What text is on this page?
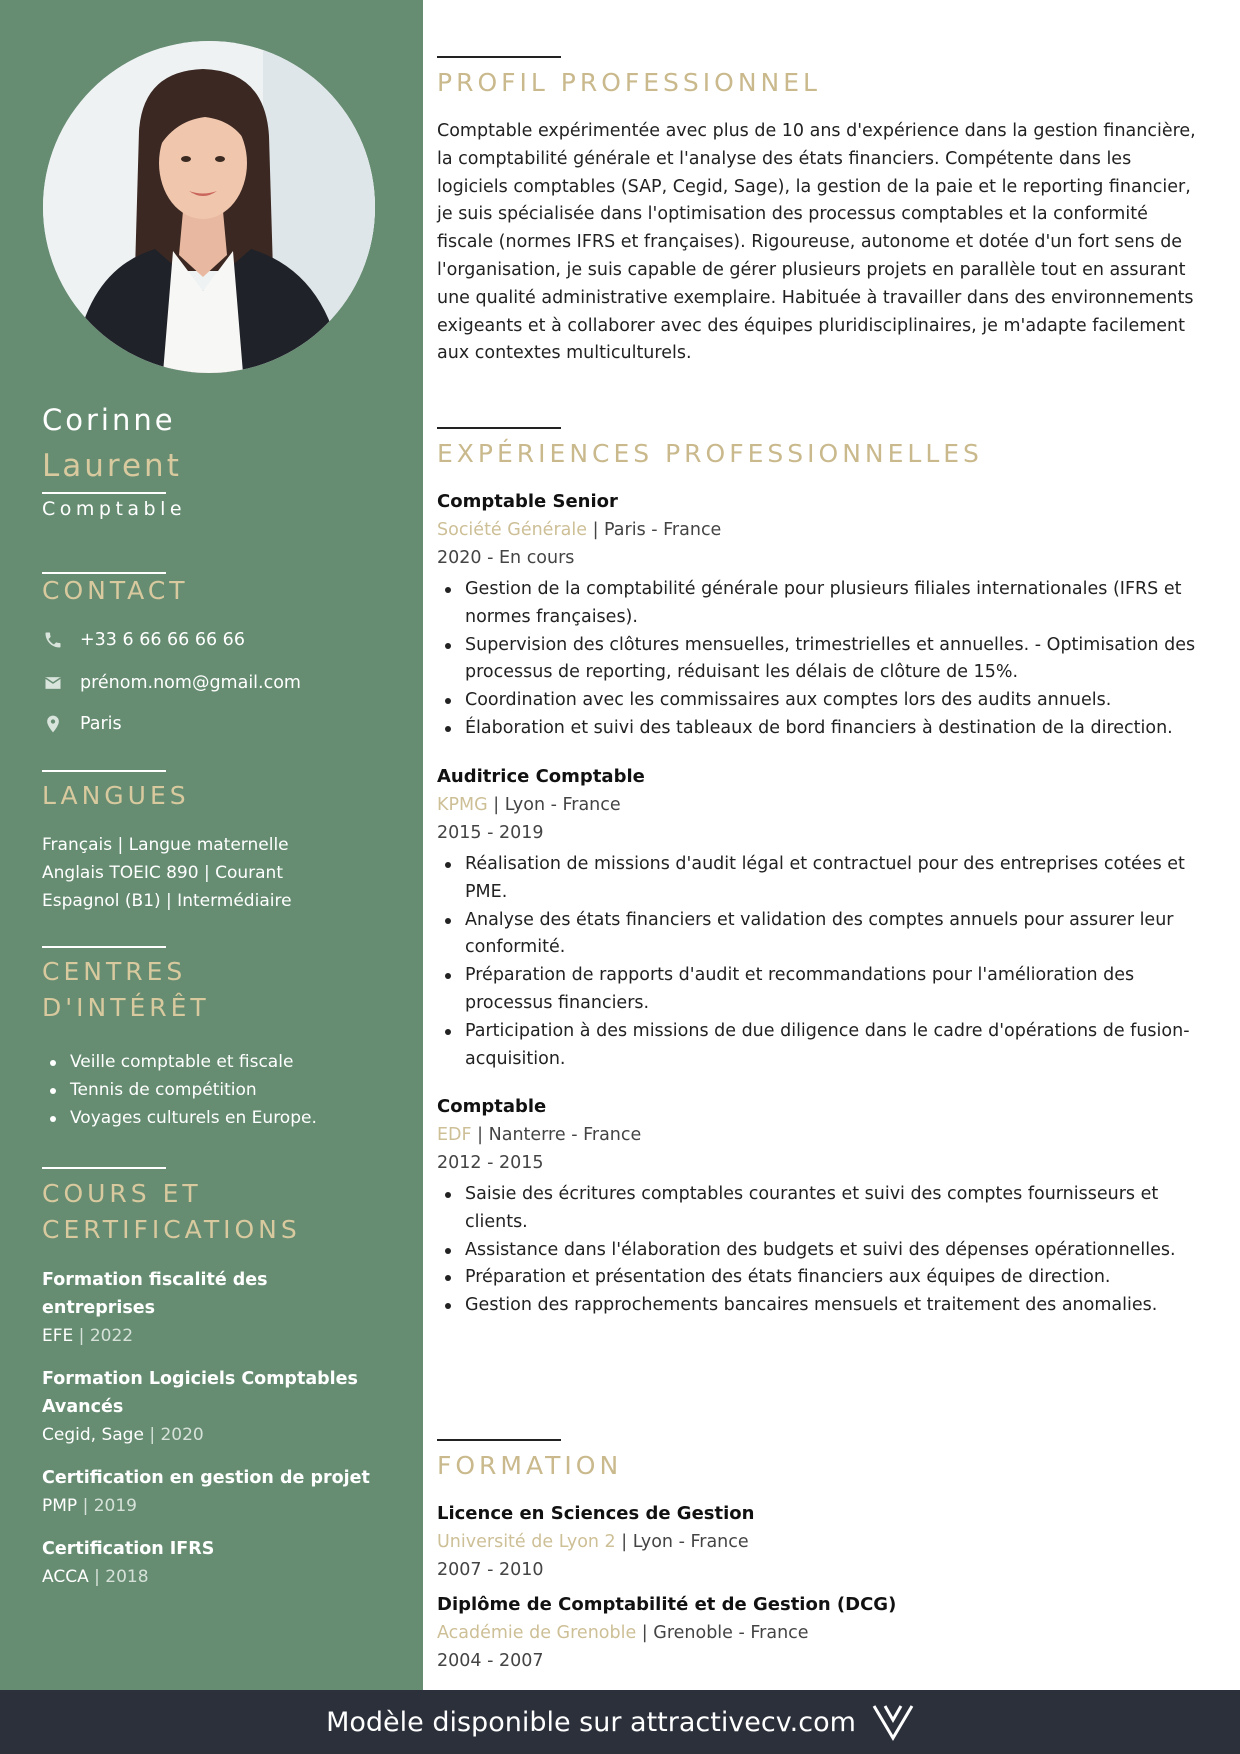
Corinne
Laurent
Comptable
CONTACT
+33 6 66 66 66 66
prénom.nom@gmail.com
Paris
LANGUES
Français | Langue maternelle
Anglais TOEIC 890 | Courant
Espagnol (B1) | Intermédiaire
CENTRES
D'INTÉRÊT
Veille comptable et fiscale
Tennis de compétition
Voyages culturels en Europe.
COURS ET
CERTIFICATIONS
Formation fiscalité des
entreprises
EFE | 2022
Formation Logiciels Comptables
Avancés
Cegid, Sage | 2020
Certification en gestion de projet
PMP | 2019
Certification IFRS
ACCA | 2018
PROFIL PROFESSIONNEL
Comptable expérimentée avec plus de 10 ans d'expérience dans la gestion financière, la comptabilité générale et l'analyse des états financiers. Compétente dans les logiciels comptables (SAP, Cegid, Sage), la gestion de la paie et le reporting financier, je suis spécialisée dans l'optimisation des processus comptables et la conformité fiscale (normes IFRS et françaises). Rigoureuse, autonome et dotée d'un fort sens de l'organisation, je suis capable de gérer plusieurs projets en parallèle tout en assurant une qualité administrative exemplaire. Habituée à travailler dans des environnements exigeants et à collaborer avec des équipes pluridisciplinaires, je m'adapte facilement aux contextes multiculturels.
EXPÉRIENCES PROFESSIONNELLES
Comptable Senior
Société Générale | Paris - France
2020 - En cours
Gestion de la comptabilité générale pour plusieurs filiales internationales (IFRS et normes françaises).
Supervision des clôtures mensuelles, trimestrielles et annuelles. - Optimisation des processus de reporting, réduisant les délais de clôture de 15%.
Coordination avec les commissaires aux comptes lors des audits annuels.
Élaboration et suivi des tableaux de bord financiers à destination de la direction.
Auditrice Comptable
KPMG | Lyon - France
2015 - 2019
Réalisation de missions d'audit légal et contractuel pour des entreprises cotées et PME.
Analyse des états financiers et validation des comptes annuels pour assurer leur conformité.
Préparation de rapports d'audit et recommandations pour l'amélioration des processus financiers.
Participation à des missions de due diligence dans le cadre d'opérations de fusion-acquisition.
Comptable
EDF | Nanterre - France
2012 - 2015
Saisie des écritures comptables courantes et suivi des comptes fournisseurs et clients.
Assistance dans l'élaboration des budgets et suivi des dépenses opérationnelles.
Préparation et présentation des états financiers aux équipes de direction.
Gestion des rapprochements bancaires mensuels et traitement des anomalies.
FORMATION
Licence en Sciences de Gestion
Université de Lyon 2 | Lyon - France
2007 - 2010
Diplôme de Comptabilité et de Gestion (DCG)
Académie de Grenoble | Grenoble - France
2004 - 2007
Modèle disponible sur attractivecv.com
